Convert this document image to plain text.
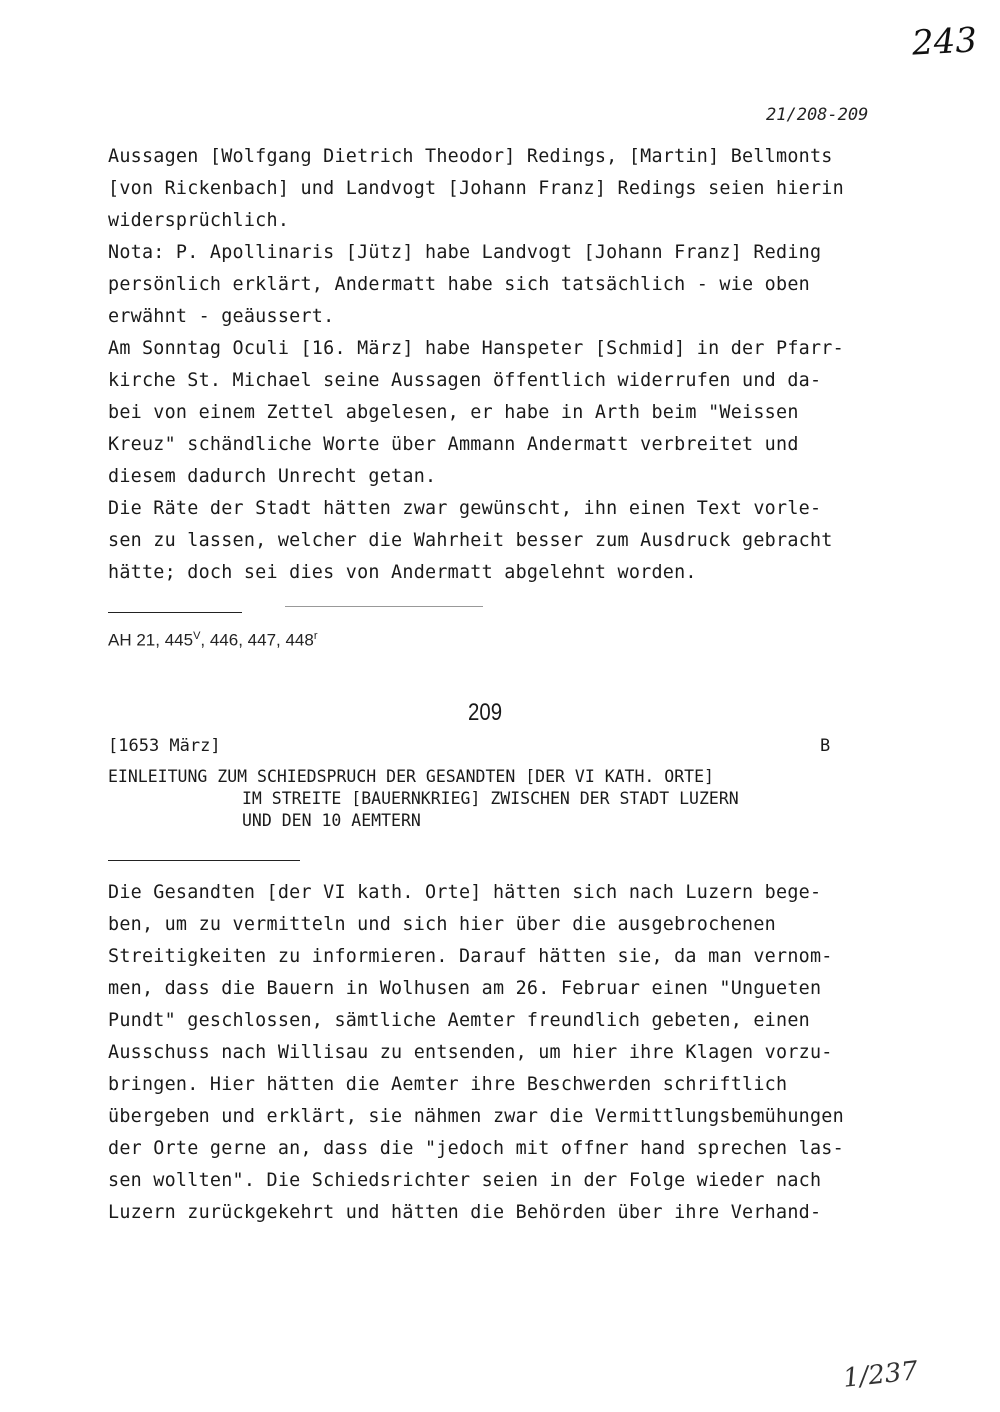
243
21/208-209

Aussagen [Wolfgang Dietrich Theodor] Redings, [Martin] Bellmonts
[von Rickenbach] und Landvogt [Johann Franz] Redings seien hierin
widersprüchlich.

Nota: P. Apollinaris [Jütz] habe Landvogt [Johann Franz] Reding
persönlich erklärt, Andermatt habe sich tatsächlich - wie oben
erwähnt - geäussert.

Am Sonntag Oculi [16. März] habe Hanspeter [Schmid] in der Pfarr-
kirche St. Michael seine Aussagen öffentlich widerrufen und da-
bei von einem Zettel abgelesen, er habe in Arth beim "Weissen
Kreuz" schändliche Worte über Ammann Andermatt verbreitet und
diesem dadurch Unrecht getan.

Die Räte der Stadt hätten zwar gewünscht, ihn einen Text vorle-
sen zu lassen, welcher die Wahrheit besser zum Ausdruck gebracht
hätte; doch sei dies von Andermatt abgelehnt worden.

AH 21, $445^V$, 446, 447, 448$^r$
209
[1653 März]	B

EINLEITUNG ZUM SCHIEDSPRUCH DER GESANDTEN [DER VI KATH. ORTE]
IM STREITE [BAUERNKRIEG] ZWISCHEN DER STADT LUZERN
UND DEN 10 AEMTERN

Die Gesandten [der VI kath. Orte] hätten sich nach Luzern bege-
ben, um zu vermitteln und sich hier über die ausgebrochenen
Streitigkeiten zu informieren. Darauf hätten sie, da man vernom-
men, dass die Bauern in Wolhusen am 26. Februar einen "Ungueten
Pundt" geschlossen, sämtliche Aemter freundlich gebeten, einen
Ausschuss nach Willisau zu entsenden, um hier ihre Klagen vorzu-
bringen. Hier hätten die Aemter ihre Beschwerden schriftlich
übergeben und erklärt, sie nähmen zwar die Vermittlungsbemühungen
der Orte gerne an, dass die "jedoch mit offner hand sprechen las-
sen wollten". Die Schiedsrichter seien in der Folge wieder nach
Luzern zurückgekehrt und hätten die Behörden über ihre Verhand-

1/237
